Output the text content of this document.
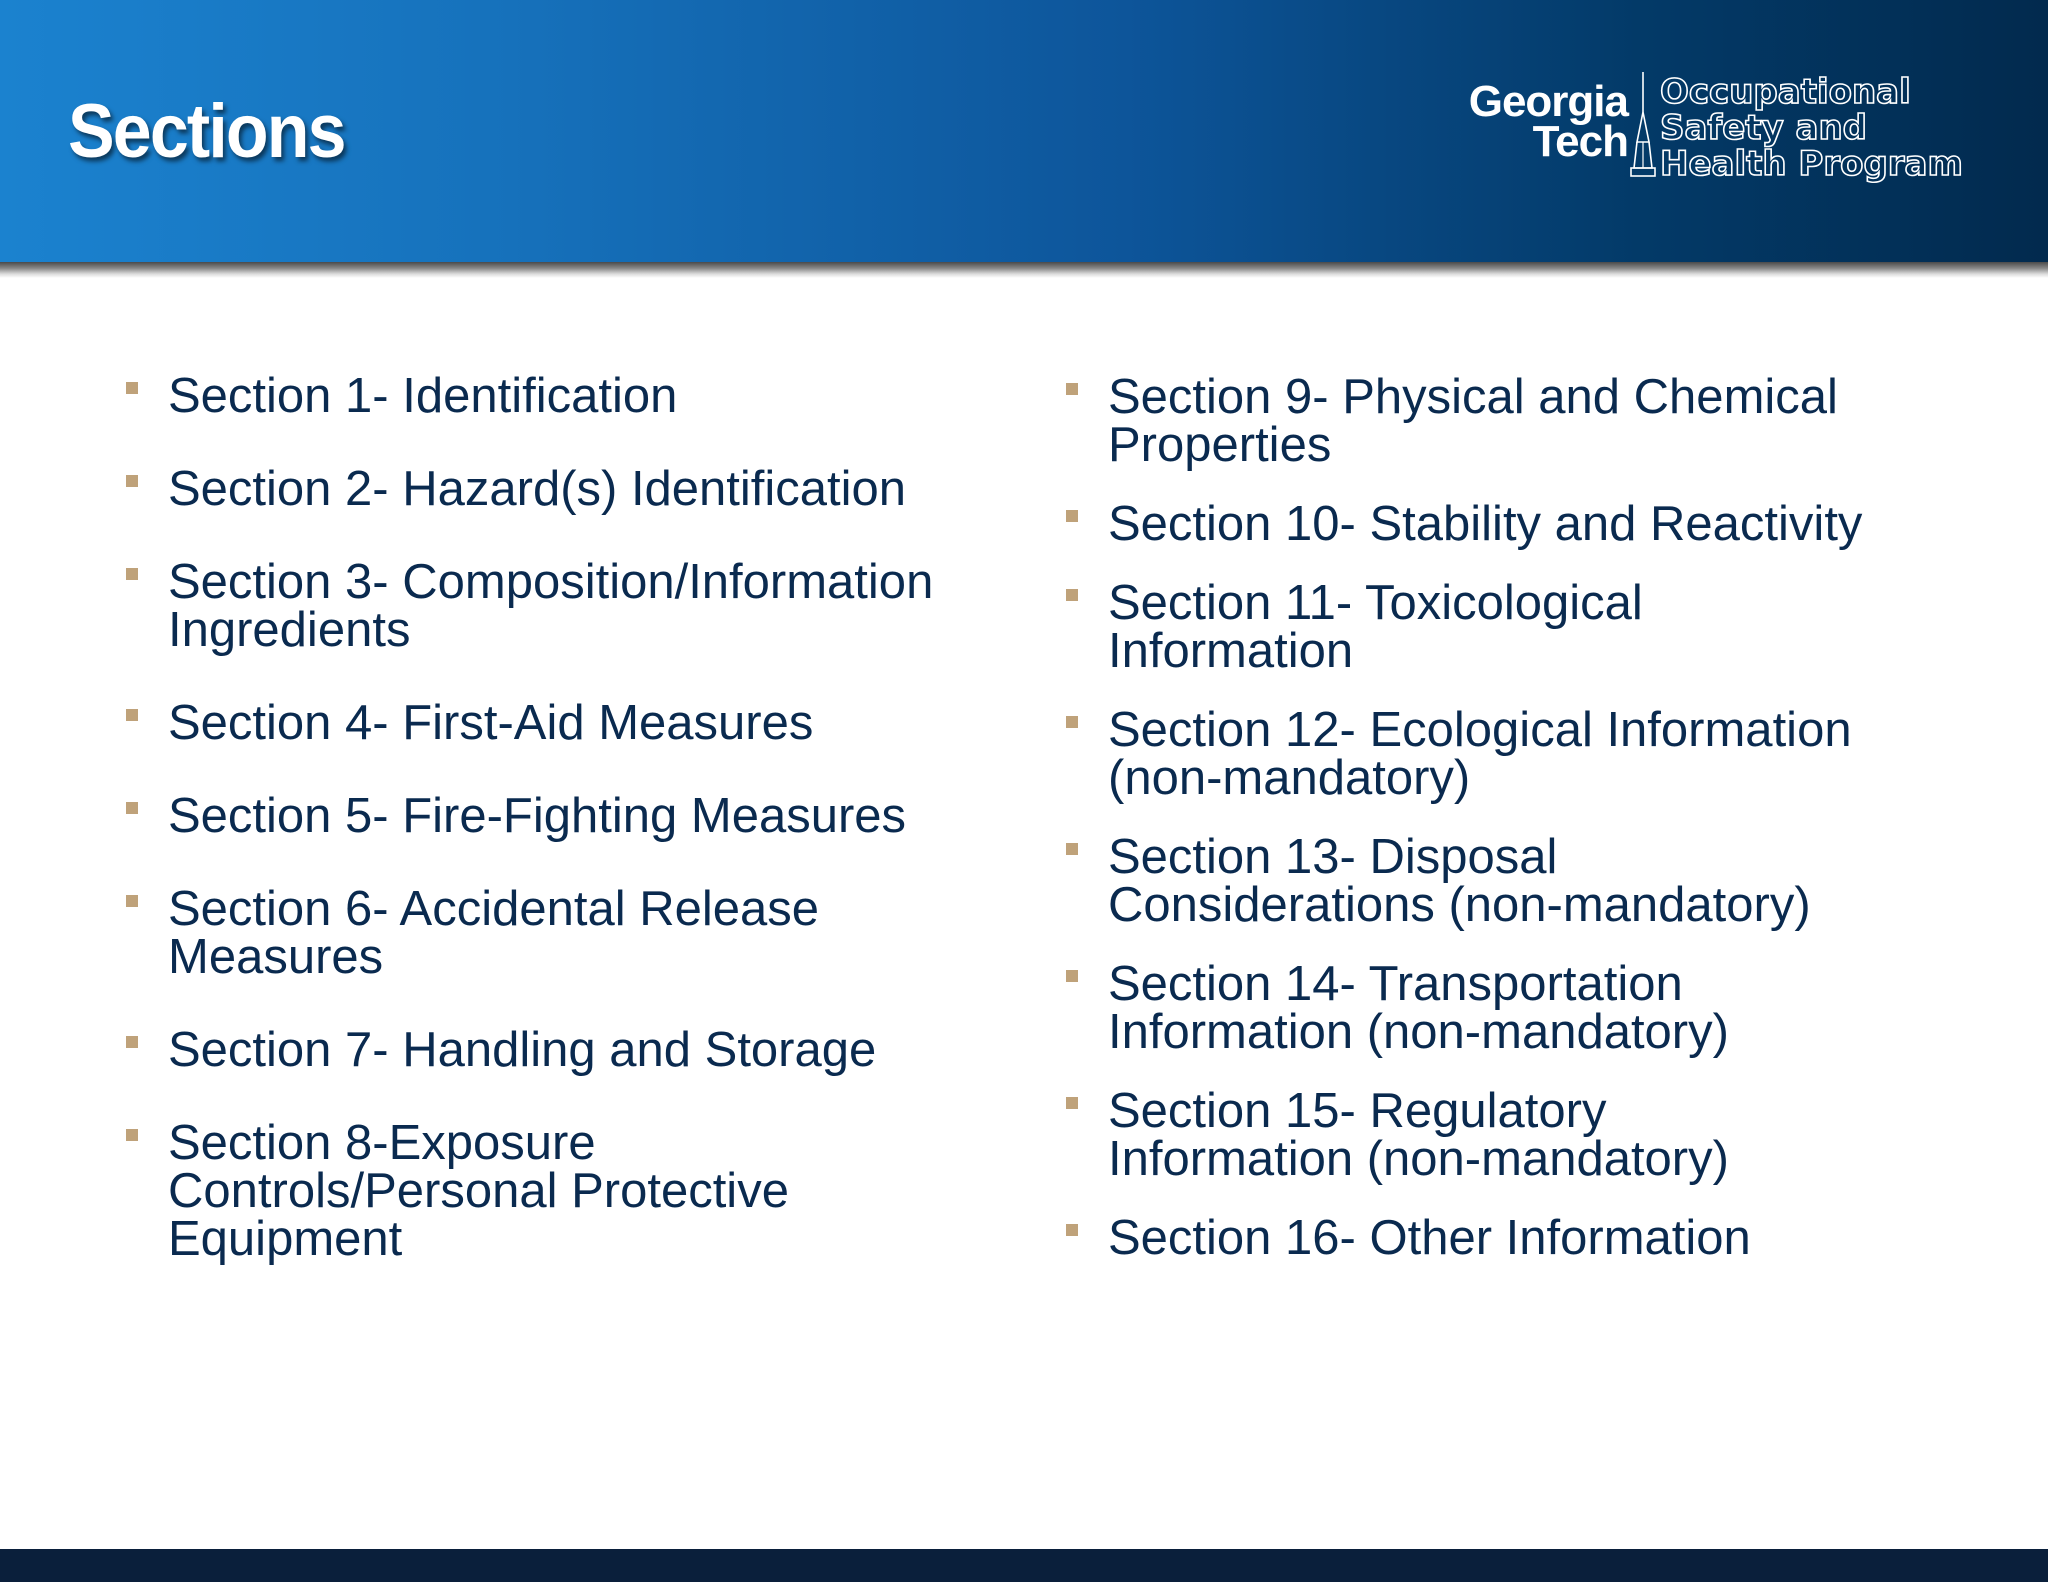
Sections	Georgia
Tech
Occupational
Safety and
Health Program
Section 1- Identification
Section 2- Hazard(s) Identification
Section 3- Composition/Information
Ingredients
Section 4- First-Aid Measures
Section 5- Fire-Fighting Measures
Section 6- Accidental Release
Measures
Section 7- Handling and Storage
Section 8-Exposure
Controls/Personal Protective
Equipment
Section 9- Physical and Chemical
Properties
Section 10- Stability and Reactivity
Section 11- Toxicological
Information
Section 12- Ecological Information
(non-mandatory)
Section 13- Disposal
Considerations (non-mandatory)
Section 14- Transportation
Information (non-mandatory)
Section 15- Regulatory
Information (non-mandatory)
Section 16- Other Information
